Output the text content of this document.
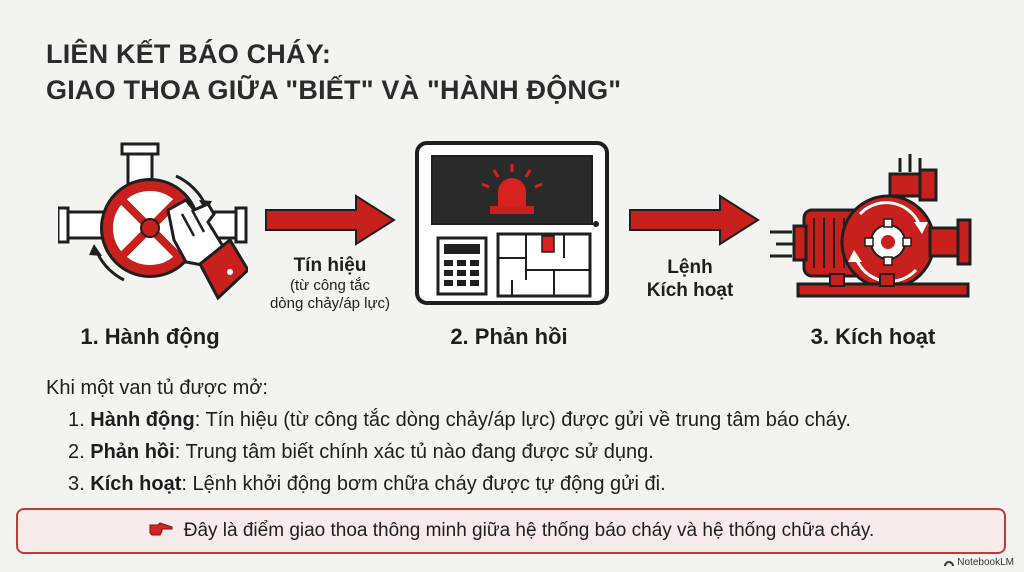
LIÊN KẾT BÁO CHÁY:
GIAO THOA GIỮA "BIẾT" VÀ "HÀNH ĐỘNG"
1. Hành động
Tín hiệu
(từ công tắc
dòng chảy/áp lực)
2. Phản hồi
Lệnh
Kích hoạt
3. Kích hoạt
Khi một van tủ được mở:
1. Hành động: Tín hiệu (từ công tắc dòng chảy/áp lực) được gửi về trung tâm báo cháy.
2. Phản hồi: Trung tâm biết chính xác tủ nào đang được sử dụng.
3. Kích hoạt: Lệnh khởi động bơm chữa cháy được tự động gửi đi.
Đây là điểm giao thoa thông minh giữa hệ thống báo cháy và hệ thống chữa cháy.
NotebookLM
